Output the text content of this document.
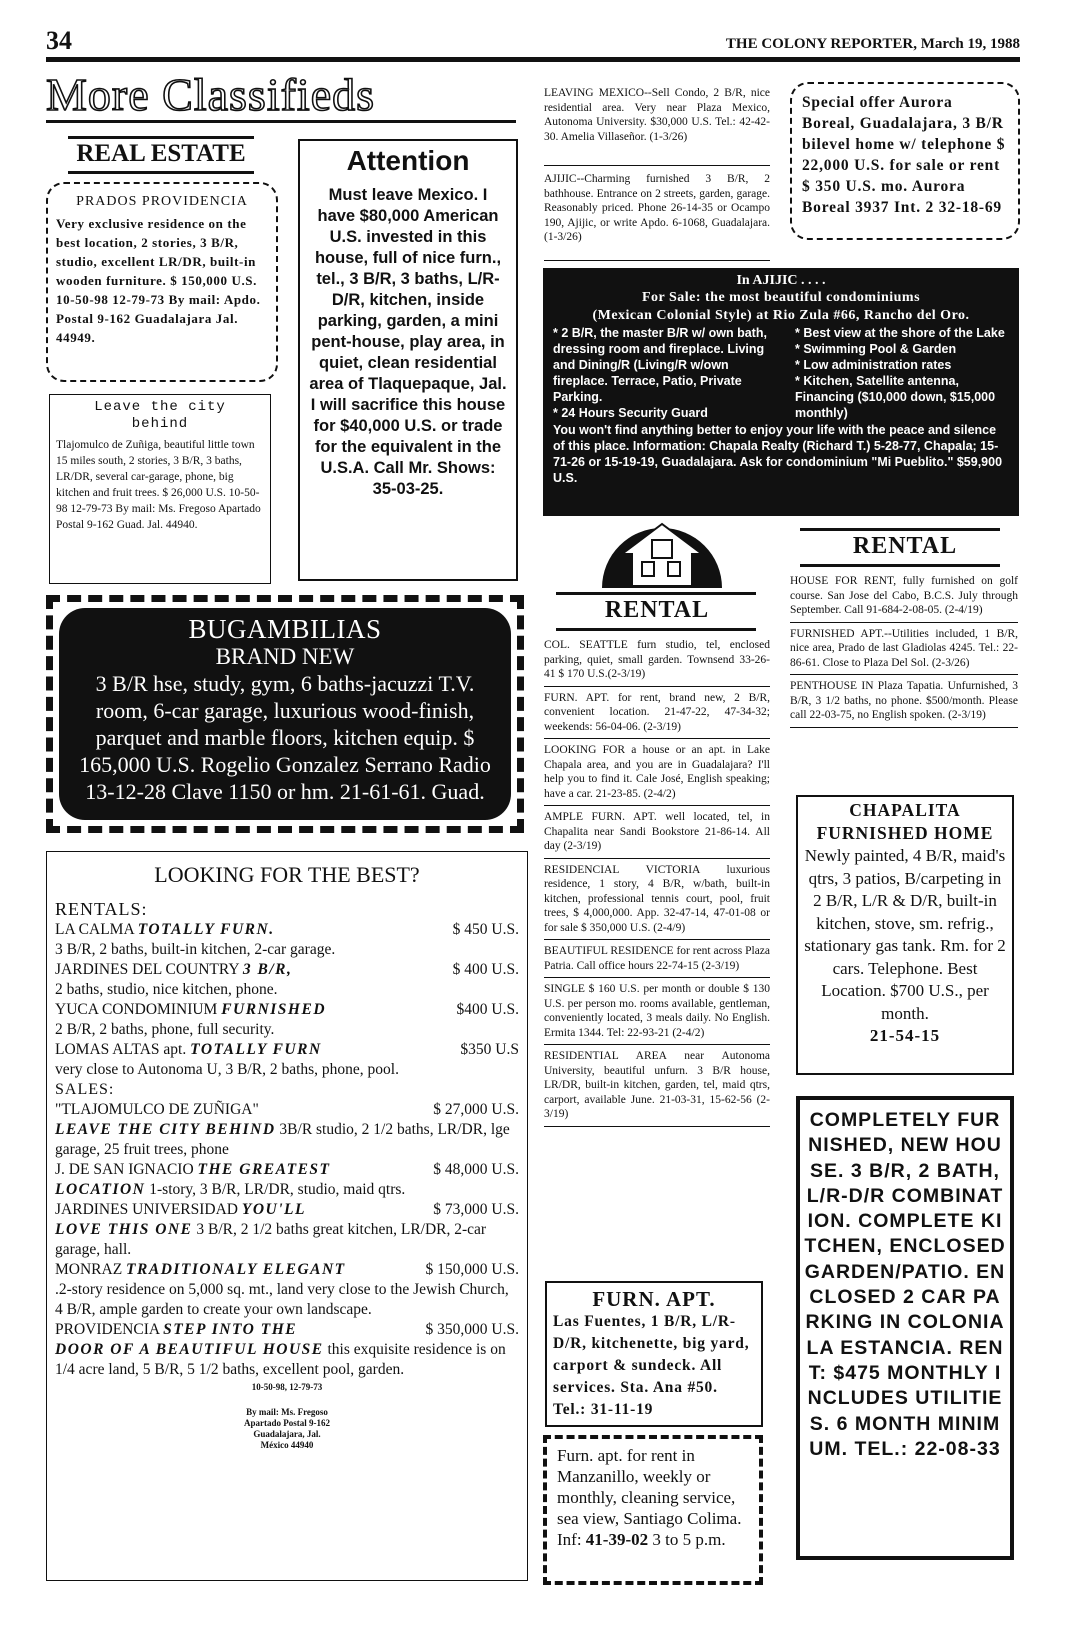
34	THE COLONY REPORTER, March 19, 1988
More Classifieds
REAL ESTATE
PRADOS PROVIDENCIA

Very exclusive residence on the best location, 2 stories, 3 B/R, studio, excellent LR/DR, built-in wooden furniture. $ 150,000 U.S. 10-50-98 12-79-73 By mail: Apdo. Postal 9-162 Guadalajara Jal. 44949.

Leave the city behind

Tlajomulco de Zuñiga, beautiful little town 15 miles south, 2 stories, 3 B/R, 3 baths, LR/DR, several car-garage, phone, big kitchen and fruit trees. $ 26,000 U.S. 10-50-98 12-79-73 By mail: Ms. Fregoso Apartado Postal 9-162 Guad. Jal. 44940.

Attention

Must leave Mexico. I have $80,000 American U.S. invested in this house, full of nice furn., tel., 3 B/R, 3 baths, L/R-D/R, kitchen, inside parking, garden, a mini pent-house, play area, in quiet, clean residential area of Tlaquepaque, Jal. I will sacrifice this house for $40,000 U.S. or trade for the equivalent in the U.S.A. Call Mr. Shows: 35-03-25.

BUGAMBILIAS
BRAND NEW

3 B/R hse, study, gym, 6 baths-jacuzzi T.V. room, 6-car garage, luxurious wood-finish, parquet and marble floors, kitchen equip. $ 165,000 U.S. Rogelio Gonzalez Serrano Radio 13-12-28 Clave 1150 or hm. 21-61-61. Guad.

LOOKING FOR THE BEST?
RENTALS:
LA CALMA TOTALLY FURN.	$ 450 U.S.
3 B/R, 2 baths, built-in kitchen, 2-car garage.
JARDINES DEL COUNTRY 3 B/R,	$ 400 U.S.
2 baths, studio, nice kitchen, phone.
YUCA CONDOMINIUM FURNISHED	$400 U.S.
2 B/R, 2 baths, phone, full security.
LOMAS ALTAS apt. TOTALLY FURN	$350 U.S
very close to Autonoma U, 3 B/R, 2 baths, phone, pool.
SALES:
"TLAJOMULCO DE ZUÑIGA"	$ 27,000 U.S.
LEAVE THE CITY BEHIND 3B/R studio, 2 1/2 baths, LR/DR, lge garage, 25 fruit trees, phone
J. DE SAN IGNACIO THE GREATEST	$ 48,000 U.S.
LOCATION 1-story, 3 B/R, LR/DR, studio, maid qtrs.
JARDINES UNIVERSIDAD YOU'LL	$ 73,000 U.S.
LOVE THIS ONE 3 B/R, 2 1/2 baths great kitchen, LR/DR, 2-car garage, hall.
MONRAZ TRADITIONALY ELEGANT	$ 150,000 U.S.
.2-story residence on 5,000 sq. mt., land very close to the Jewish Church, 4 B/R, ample garden to create your own landscape.
PROVIDENCIA STEP INTO THE	$ 350,000 U.S.
DOOR OF A BEAUTIFUL HOUSE this exquisite residence is on 1/4 acre land, 5 B/R, 5 1/2 baths, excellent pool, garden.
10-50-98, 12-79-73
By mail: Ms. Fregoso
Apartado Postal 9-162
Guadalajara, Jal.
México 44940

LEAVING MEXICO--Sell Condo, 2 B/R, nice residential area. Very near Plaza Mexico, Autonoma University. $30,000 U.S. Tel.: 42-42-30. Amelia Villaseñor. (1-3/26)

AJIJIC--Charming furnished 3 B/R, 2 bathhouse. Entrance on 2 streets, garden, garage. Reasonably priced. Phone 26-14-35 or Ocampo 190, Ajijic, or write Apdo. 6-1068, Guadalajara. (1-3/26)

Special offer Aurora Boreal, Guadalajara, 3 B/R bilevel home w/ telephone $ 22,000 U.S. for sale or rent $ 350 U.S. mo. Aurora Boreal 3937 Int. 2 32-18-69

In AJIJIC . . . .
For Sale: the most beautiful condominiums
(Mexican Colonial Style) at Rio Zula #66, Rancho del Oro.
* 2 B/R, the master B/R w/ own bath, dressing room and fireplace. Living and Dining/R (Living/R w/own fireplace. Terrace, Patio, Private Parking.
* 24 Hours Security Guard
* Best view at the shore of the Lake
* Swimming Pool & Garden
* Low administration rates
* Kitchen, Satellite antenna, Financing ($10,000 down, $15,000 monthly)

You won't find anything better to enjoy your life with the peace and silence of this place. Information: Chapala Realty (Richard T.) 5-28-77, Chapala; 15-71-26 or 15-19-19, Guadalajara. Ask for condominium "Mi Pueblito." $59,900 U.S.

RENTAL

COL. SEATTLE furn studio, tel, enclosed parking, quiet, small garden. Townsend 33-26-41 $ 170 U.S.(2-3/19)

FURN. APT. for rent, brand new, 2 B/R, convenient location. 21-47-22, 47-34-32; weekends: 56-04-06. (2-3/19)

LOOKING FOR a house or an apt. in Lake Chapala area, and you are in Guadalajara? I'll help you to find it. Cale José, English speaking; have a car. 21-23-85. (2-4/2)

AMPLE FURN. APT. well located, tel, in Chapalita near Sandi Bookstore 21-86-14. All day (2-3/19)

RESIDENCIAL VICTORIA luxurious residence, 1 story, 4 B/R, w/bath, built-in kitchen, professional tennis court, pool, fruit trees, $ 4,000,000. App. 32-47-14, 47-01-08 or for sale $ 350,000 U.S. (2-4/9)

BEAUTIFUL RESIDENCE for rent across Plaza Patria. Call office hours 22-74-15 (2-3/19)

SINGLE $ 160 U.S. per month or double $ 130 U.S. per person mo. rooms available, gentleman, conveniently located, 3 meals daily. No English. Ermita 1344. Tel: 22-93-21 (2-4/2)

RESIDENTIAL AREA near Autonoma University, beautiful unfurn. 3 B/R house, LR/DR, built-in kitchen, garden, tel, maid qtrs, carport, available June. 21-03-31, 15-62-56 (2-3/19)

FURN. APT.

Las Fuentes, 1 B/R, L/R-D/R, kitchenette, big yard, carport & sundeck. All services. Sta. Ana #50. Tel.: 31-11-19

Furn. apt. for rent in Manzanillo, weekly or monthly, cleaning service, sea view, Santiago Colima. Inf: 41-39-02 3 to 5 p.m.

RENTAL

HOUSE FOR RENT, fully furnished on golf course. San Jose del Cabo, B.C.S. July through September. Call 91-684-2-08-05. (2-4/19)

FURNISHED APT.--Utilities included, 1 B/R, nice area, Prado de last Gladiolas 4245. Tel.: 22-86-61. Close to Plaza Del Sol. (2-3/26)

PENTHOUSE IN Plaza Tapatia. Unfurnished, 3 B/R, 3 1/2 baths, no phone. $500/month. Please call 22-03-75, no English spoken. (2-3/19)

CHAPALITA FURNISHED HOME

Newly painted, 4 B/R, maid's qtrs, 3 patios, B/carpeting in 2 B/R, L/R & D/R, built-in kitchen, stove, sm. refrig., stationary gas tank. Rm. for 2 cars. Telephone. Best Location. $700 U.S., per month.

21-54-15

COMPLETELY FURNISHED, NEW HOUSE. 3 B/R, 2 BATH, L/R-D/R COMBINATION. COMPLETE KITCHEN, ENCLOSED GARDEN/PATIO. ENCLOSED 2 CAR PARKING IN COLONIA LA ESTANCIA. RENT: $475 MONTHLY INCLUDES UTILITIES. 6 MONTH MINIMUM. TEL.: 22-08-33
